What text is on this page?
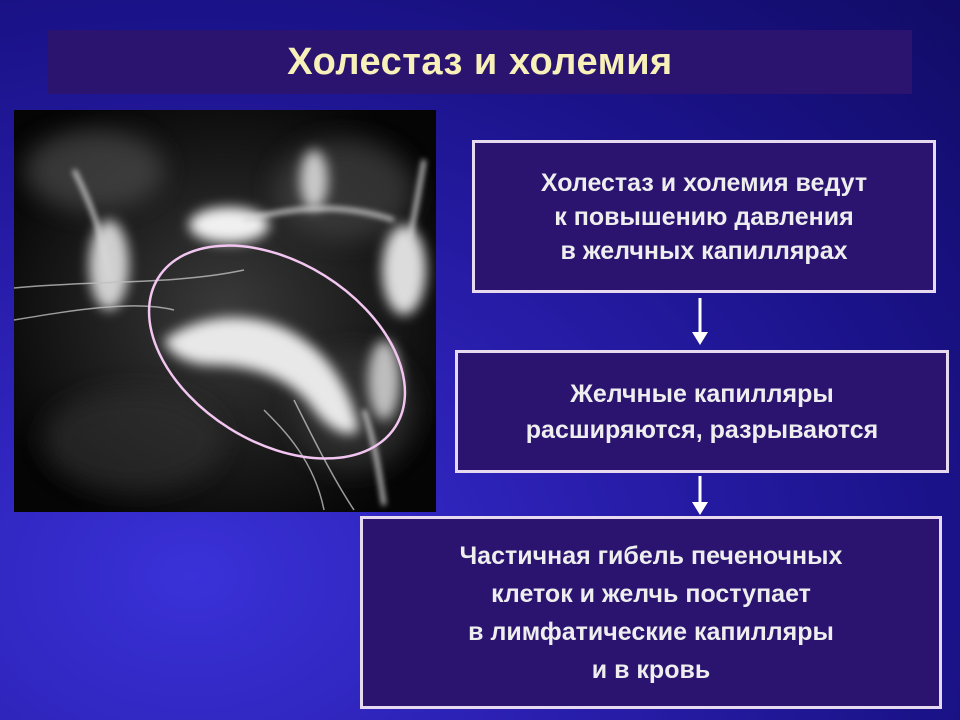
Холестаз и холемия
Холестаз и холемия ведут
к повышению давления
в желчных капиллярах
Желчные капилляры
расширяются, разрываются
Частичная гибель печеночных
клеток и желчь поступает
в лимфатические капилляры
и в кровь
